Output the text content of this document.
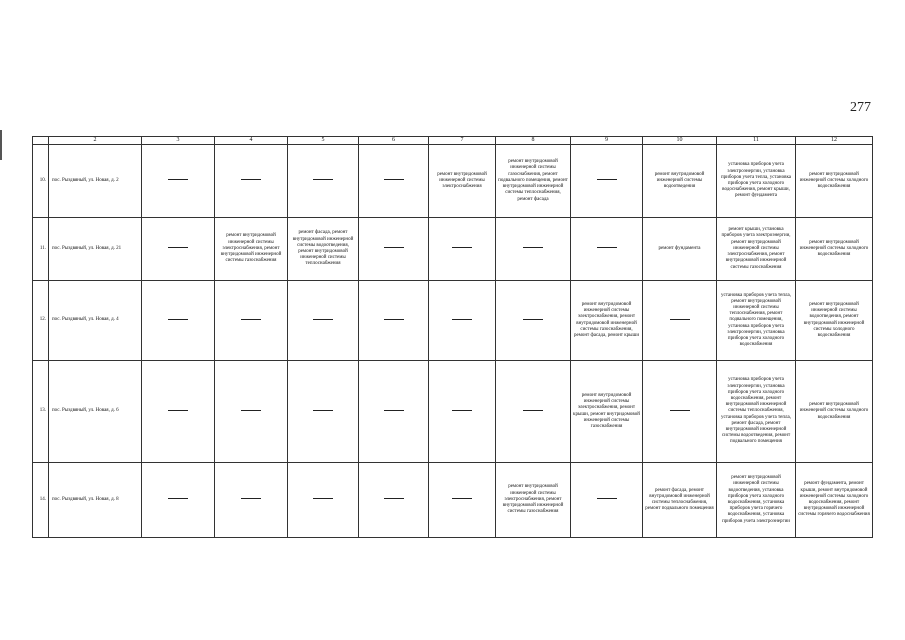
277
	2	3	4	5	6	7	8	9	10	11	12
10.	пос. Рыздвяный, ул. Новая, д. 2					ремонт внутридомовой инженерной системы электроснабжения	ремонт внутридомовой инженерной системы газоснабжения, ремонт подвального помещения, ремонт внутридомовой инженерной системы теплоснабжения, ремонт фасада		ремонт внутридомовой инженерной системы водоотведения	установка приборов учета электроэнергии, установка приборов учета тепла, установка приборов учета холодного водоснабжения, ремонт крыши, ремонт фундамента	ремонт внутридомовой инженерной системы холодного водоснабжения
11.	пос. Рыздвяный, ул. Новая, д. 21		ремонт внутридомовой инженерной системы электроснабжения, ремонт внутридомовой инженерной системы газоснабжения	ремонт фасада, ремонт внутридомовой инженерной системы водоотведения, ремонт внутридомовой инженерной системы теплоснабжения					ремонт фундамента	ремонт крыши, установка приборов учета электроэнергии, ремонт внутридомовой инженерной системы электроснабжения, ремонт внутридомовой инженерной системы газоснабжения	ремонт внутридомовой инженерной системы холодного водоснабжения
12.	пос. Рыздвяный, ул. Новая, д. 4							ремонт внутридомовой инженерной системы электроснабжения, ремонт внутридомовой инженерной системы газоснабжения, ремонт фасада, ремонт крыши		установка приборов учета тепла, ремонт внутридомовой инженерной системы теплоснабжения, ремонт подвального помещения, установка приборов учета электроэнергии, установка приборов учета холодного водоснабжения	ремонт внутридомовой инженерной системы водоотведения, ремонт внутридомовой инженерной системы холодного водоснабжения
13.	пос. Рыздвяный, ул. Новая, д. 6							ремонт внутридомовой инженерной системы электроснабжения, ремонт крыши, ремонт внутридомовой инженерной системы газоснабжения		установка приборов учета электроэнергии, установка приборов учета холодного водоснабжения, ремонт внутридомовой инженерной системы теплоснабжения, установка приборов учета тепла, ремонт фасада, ремонт внутридомовой инженерной системы водоотведения, ремонт подвального помещения	ремонт внутридомовой инженерной системы холодного водоснабжения
14.	пос. Рыздвяный, ул. Новая, д. 8						ремонт внутридомовой инженерной системы электроснабжения, ремонт внутридомовой инженерной системы газоснабжения		ремонт фасада, ремонт внутридомовой инженерной системы теплоснабжения, ремонт подвального помещения	ремонт внутридомовой инженерной системы водоотведения, установка приборов учета холодного водоснабжения, установка приборов учета горячего водоснабжения, установка приборов учета электроэнергии	ремонт фундамента, ремонт крыши, ремонт внутридомовой инженерной системы холодного водоснабжения, ремонт внутридомовой инженерной системы горячего водоснабжения
